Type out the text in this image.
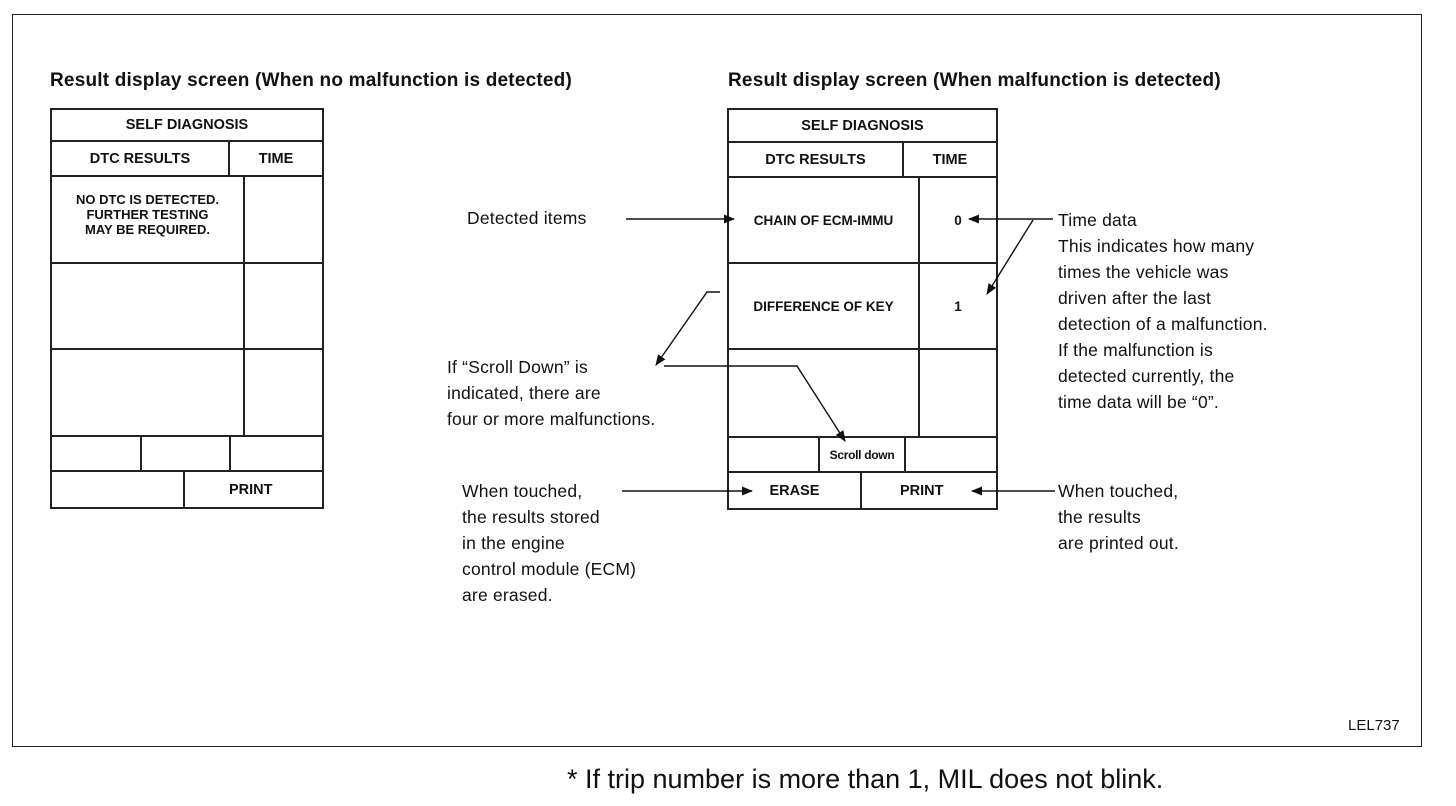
Result display screen (When no malfunction is detected)
SELF DIAGNOSIS
DTC RESULTS	TIME
NO DTC IS DETECTED.
FURTHER TESTING
MAY BE REQUIRED.
PRINT
Result display screen (When malfunction is detected)
SELF DIAGNOSIS
DTC RESULTS	TIME
CHAIN OF ECM-IMMU	0
DIFFERENCE OF KEY	1
Scroll down
ERASE	PRINT
Detected items	Time data
This indicates how many
times the vehicle was
driven after the last
detection of a malfunction.
If the malfunction is
detected currently, the
time data will be “0”.
If “Scroll Down” is
indicated, there are
four or more malfunctions.
When touched,
the results stored
in the engine
control module (ECM)
are erased.
When touched,
the results
are printed out.
LEL737
* If trip number is more than 1, MIL does not blink.
